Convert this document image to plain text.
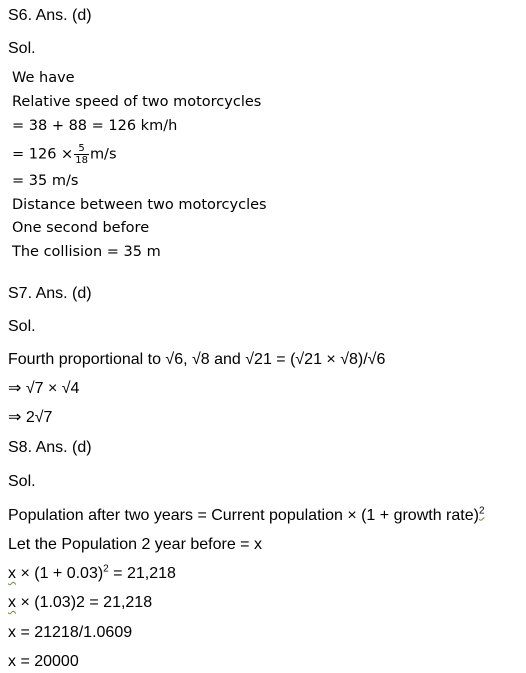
S6. Ans. (d)
Sol.
We have
Relative speed of two motorcycles
= 38 + 88 = 126 km/h
= $126 \times \frac{5}{18} m/s$
= 35 m/s
Distance between two motorcycles
One second before
The collision = 35 m
S7. Ans. (d)
Sol.
Fourth proportional to √6, √8 and √21 = (√21 × √8)/√6
⇒ √7 × √4
⇒ 2√7
S8. Ans. (d)
Sol.
Population after two years = Current population × (1 + growth rate)$^2$
Let the Population 2 year before = x
$x \times (1 + 0.03)^2 = 21,218$
x × (1.03)2 = 21,218
x = 21218/1.0609
x = 20000
